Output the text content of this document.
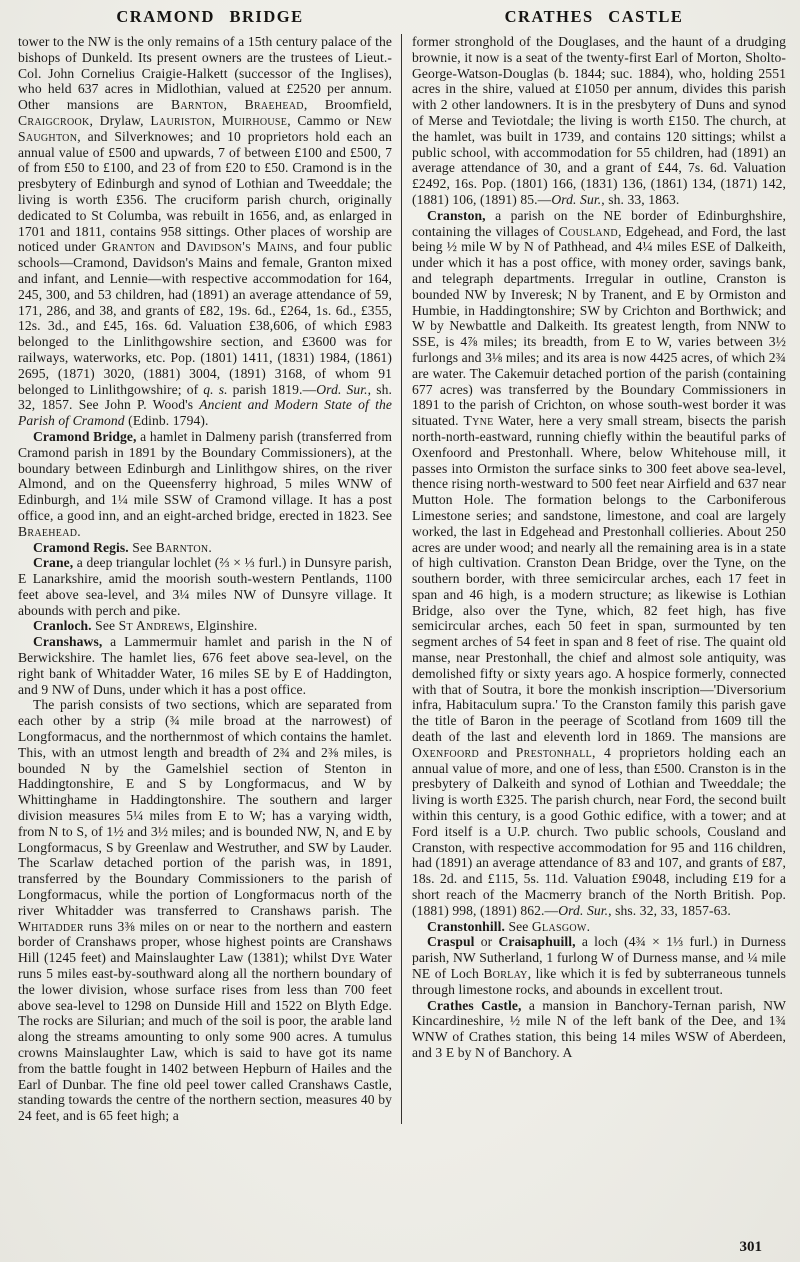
CRAMOND BRIDGE	CRATHES CASTLE

tower to the NW is the only remains of a 15th century palace of the bishops of Dunkeld. Its present owners are the trustees of Lieut.-Col. John Cornelius Craigie-Halkett (successor of the Inglises), who held 637 acres in Midlothian, valued at £2520 per annum. Other mansions are Barnton, Braehead, Broomfield, Craigcrook, Drylaw, Lauriston, Muirhouse, Cammo or New Saughton, and Silverknowes; and 10 proprietors hold each an annual value of £500 and upwards, 7 of between £100 and £500, 7 of from £50 to £100, and 23 of from £20 to £50. Cramond is in the presbytery of Edinburgh and synod of Lothian and Tweeddale; the living is worth £356. The cruciform parish church, originally dedicated to St Columba, was rebuilt in 1656, and, as enlarged in 1701 and 1811, contains 958 sittings. Other places of worship are noticed under Granton and Davidson's Mains, and four public schools—Cramond, Davidson's Mains and female, Granton mixed and infant, and Lennie—with respective accommodation for 164, 245, 300, and 53 children, had (1891) an average attendance of 59, 171, 286, and 38, and grants of £82, 19s. 6d., £264, 1s. 6d., £355, 12s. 3d., and £45, 16s. 6d. Valuation £38,606, of which £983 belonged to the Linlithgowshire section, and £3600 was for railways, waterworks, etc. Pop. (1801) 1411, (1831) 1984, (1861) 2695, (1871) 3020, (1881) 3004, (1891) 3168, of whom 91 belonged to Linlithgowshire; of q. s. parish 1819.—Ord. Sur., sh. 32, 1857. See John P. Wood's Ancient and Modern State of the Parish of Cramond (Edinb. 1794).

Cramond Bridge, a hamlet in Dalmeny parish (transferred from Cramond parish in 1891 by the Boundary Commissioners), at the boundary between Edinburgh and Linlithgow shires, on the river Almond, and on the Queensferry highroad, 5 miles WNW of Edinburgh, and 1¼ mile SSW of Cramond village. It has a post office, a good inn, and an eight-arched bridge, erected in 1823. See Braehead.

Cramond Regis. See Barnton.

Crane, a deep triangular lochlet (⅔ × ⅓ furl.) in Dunsyre parish, E Lanarkshire, amid the moorish south-western Pentlands, 1100 feet above sea-level, and 3¼ miles NW of Dunsyre village. It abounds with perch and pike.

Cranloch. See St Andrews, Elginshire.

Cranshaws, a Lammermuir hamlet and parish in the N of Berwickshire. The hamlet lies, 676 feet above sea-level, on the right bank of Whitadder Water, 16 miles SE by E of Haddington, and 9 NW of Duns, under which it has a post office.

The parish consists of two sections, which are separated from each other by a strip (¾ mile broad at the narrowest) of Longformacus, and the northernmost of which contains the hamlet. This, with an utmost length and breadth of 2¾ and 2⅜ miles, is bounded N by the Gamelshiel section of Stenton in Haddingtonshire, E and S by Longformacus, and W by Whittinghame in Haddingtonshire. The southern and larger division measures 5¼ miles from E to W; has a varying width, from N to S, of 1½ and 3½ miles; and is bounded NW, N, and E by Longformacus, S by Greenlaw and Westruther, and SW by Lauder. The Scarlaw detached portion of the parish was, in 1891, transferred by the Boundary Commissioners to the parish of Longformacus, while the portion of Longformacus north of the river Whitadder was transferred to Cranshaws parish. The Whitadder runs 3⅜ miles on or near to the northern and eastern border of Cranshaws proper, whose highest points are Cranshaws Hill (1245 feet) and Mainslaughter Law (1381); whilst Dye Water runs 5 miles east-by-southward along all the northern boundary of the lower division, whose surface rises from less than 700 feet above sea-level to 1298 on Dunside Hill and 1522 on Blyth Edge. The rocks are Silurian; and much of the soil is poor, the arable land along the streams amounting to only some 900 acres. A tumulus crowns Mainslaughter Law, which is said to have got its name from the battle fought in 1402 between Hepburn of Hailes and the Earl of Dunbar. The fine old peel tower called Cranshaws Castle, standing towards the centre of the northern section, measures 40 by 24 feet, and is 65 feet high; a

former stronghold of the Douglases, and the haunt of a drudging brownie, it now is a seat of the twenty-first Earl of Morton, Sholto-George-Watson-Douglas (b. 1844; suc. 1884), who, holding 2551 acres in the shire, valued at £1050 per annum, divides this parish with 2 other landowners. It is in the presbytery of Duns and synod of Merse and Teviotdale; the living is worth £150. The church, at the hamlet, was built in 1739, and contains 120 sittings; whilst a public school, with accommodation for 55 children, had (1891) an average attendance of 30, and a grant of £44, 7s. 6d. Valuation £2492, 16s. Pop. (1801) 166, (1831) 136, (1861) 134, (1871) 142, (1881) 106, (1891) 85.—Ord. Sur., sh. 33, 1863.

Cranston, a parish on the NE border of Edinburghshire, containing the villages of Cousland, Edgehead, and Ford, the last being ½ mile W by N of Pathhead, and 4¼ miles ESE of Dalkeith, under which it has a post office, with money order, savings bank, and telegraph departments. Irregular in outline, Cranston is bounded NW by Inveresk; N by Tranent, and E by Ormiston and Humbie, in Haddingtonshire; SW by Crichton and Borthwick; and W by Newbattle and Dalkeith. Its greatest length, from NNW to SSE, is 4⅞ miles; its breadth, from E to W, varies between 3½ furlongs and 3⅛ miles; and its area is now 4425 acres, of which 2¾ are water. The Cakemuir detached portion of the parish (containing 677 acres) was transferred by the Boundary Commissioners in 1891 to the parish of Crichton, on whose south-west border it was situated. Tyne Water, here a very small stream, bisects the parish north-north-eastward, running chiefly within the beautiful parks of Oxenfoord and Prestonhall. Where, below Whitehouse mill, it passes into Ormiston the surface sinks to 300 feet above sea-level, thence rising north-westward to 500 feet near Airfield and 637 near Mutton Hole. The formation belongs to the Carboniferous Limestone series; and sandstone, limestone, and coal are largely worked, the last in Edgehead and Prestonhall collieries. About 250 acres are under wood; and nearly all the remaining area is in a state of high cultivation. Cranston Dean Bridge, over the Tyne, on the southern border, with three semicircular arches, each 17 feet in span and 46 high, is a modern structure; as likewise is Lothian Bridge, also over the Tyne, which, 82 feet high, has five semicircular arches, each 50 feet in span, surmounted by ten segment arches of 54 feet in span and 8 feet of rise. The quaint old manse, near Prestonhall, the chief and almost sole antiquity, was demolished fifty or sixty years ago. A hospice formerly, connected with that of Soutra, it bore the monkish inscription—'Diversorium infra, Habitaculum supra.' To the Cranston family this parish gave the title of Baron in the peerage of Scotland from 1609 till the death of the last and eleventh lord in 1869. The mansions are Oxenfoord and Prestonhall, 4 proprietors holding each an annual value of more, and one of less, than £500. Cranston is in the presbytery of Dalkeith and synod of Lothian and Tweeddale; the living is worth £325. The parish church, near Ford, the second built within this century, is a good Gothic edifice, with a tower; and at Ford itself is a U.P. church. Two public schools, Cousland and Cranston, with respective accommodation for 95 and 116 children, had (1891) an average attendance of 83 and 107, and grants of £87, 18s. 2d. and £115, 5s. 11d. Valuation £9048, including £19 for a short reach of the Macmerry branch of the North British. Pop. (1881) 998, (1891) 862.—Ord. Sur., shs. 32, 33, 1857-63.

Cranstonhill. See Glasgow.

Craspul or Craisaphuill, a loch (4¾ × 1⅓ furl.) in Durness parish, NW Sutherland, 1 furlong W of Durness manse, and ¼ mile NE of Loch Borlay, like which it is fed by subterraneous tunnels through limestone rocks, and abounds in excellent trout.

Crathes Castle, a mansion in Banchory-Ternan parish, NW Kincardineshire, ½ mile N of the left bank of the Dee, and 1¾ WNW of Crathes station, this being 14 miles WSW of Aberdeen, and 3 E by N of Banchory. A

301
